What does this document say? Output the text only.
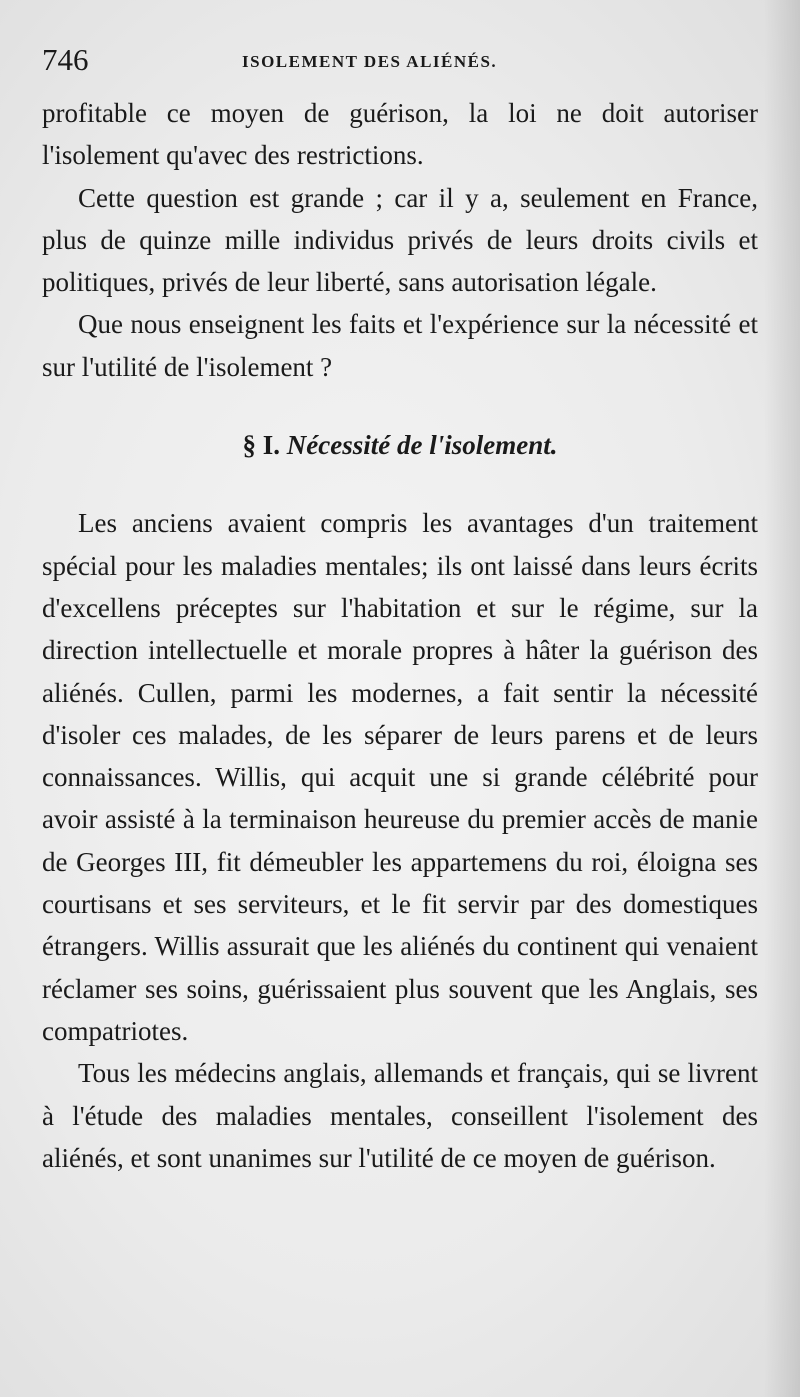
746	ISOLEMENT DES ALIÉNÉS.

profitable ce moyen de guérison, la loi ne doit autoriser l'isolement qu'avec des restrictions.

Cette question est grande ; car il y a, seulement en France, plus de quinze mille individus privés de leurs droits civils et politiques, privés de leur liberté, sans autorisation légale.

Que nous enseignent les faits et l'expérience sur la nécessité et sur l'utilité de l'isolement ?

§ I. Nécessité de l'isolement.

Les anciens avaient compris les avantages d'un traitement spécial pour les maladies mentales; ils ont laissé dans leurs écrits d'excellens préceptes sur l'habitation et sur le régime, sur la direction intellectuelle et morale propres à hâter la guérison des aliénés. Cullen, parmi les modernes, a fait sentir la nécessité d'isoler ces malades, de les séparer de leurs parens et de leurs connaissances. Willis, qui acquit une si grande célébrité pour avoir assisté à la terminaison heureuse du premier accès de manie de Georges III, fit démeubler les appartemens du roi, éloigna ses courtisans et ses serviteurs, et le fit servir par des domestiques étrangers. Willis assurait que les aliénés du continent qui venaient réclamer ses soins, guérissaient plus souvent que les Anglais, ses compatriotes.

Tous les médecins anglais, allemands et français, qui se livrent à l'étude des maladies mentales, conseillent l'isolement des aliénés, et sont unanimes sur l'utilité de ce moyen de guérison.
